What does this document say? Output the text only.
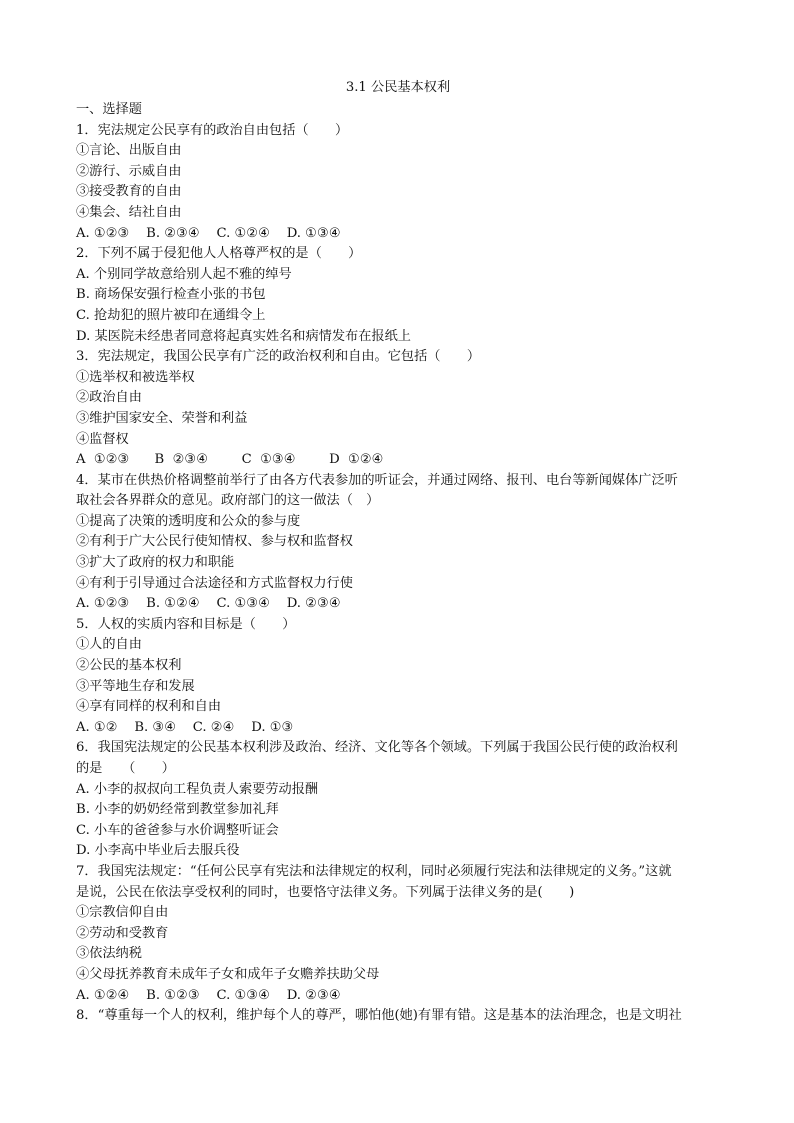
3.1 公民基本权利
一、选择题
1．宪法规定公民享有的政治自由包括（　　）
①言论、出版自由
②游行、示威自由
③接受教育的自由
④集会、结社自由
A. ①②③    B. ②③④    C. ①②④    D. ①③④
2．下列不属于侵犯他人人格尊严权的是（　　）
A. 个别同学故意给别人起不雅的绰号
B. 商场保安强行检查小张的书包
C. 抢劫犯的照片被印在通缉令上
D. 某医院未经患者同意将起真实姓名和病情发布在报纸上
3．宪法规定，我国公民享有广泛的政治权利和自由。它包括（　　）
①选举权和被选举权
②政治自由
③维护国家安全、荣誉和利益
④监督权
A  ①②③      B  ②③④        C  ①③④        D  ①②④
4．某市在供热价格调整前举行了由各方代表参加的听证会，并通过网络、报刊、电台等新闻媒体广泛听
取社会各界群众的意见。政府部门的这一做法（　）
①提高了决策的透明度和公众的参与度
②有利于广大公民行使知情权、参与权和监督权
③扩大了政府的权力和职能
④有利于引导通过合法途径和方式监督权力行使
A. ①②③    B. ①②④    C. ①③④    D. ②③④
5．人权的实质内容和目标是（　　）
①人的自由
②公民的基本权利
③平等地生存和发展
④享有同样的权利和自由
A. ①②    B. ③④    C. ②④    D. ①③
6．我国宪法规定的公民基本权利涉及政治、经济、文化等各个领域。下列属于我国公民行使的政治权利
的是　　（　　）
A. 小李的叔叔向工程负责人索要劳动报酬
B. 小李的奶奶经常到教堂参加礼拜
C. 小车的爸爸参与水价调整听证会
D. 小李高中毕业后去服兵役
7．我国宪法规定：“任何公民享有宪法和法律规定的权利，同时必须履行宪法和法律规定的义务。”这就
是说，公民在依法享受权利的同时，也要恪守法律义务。下列属于法律义务的是(　　)
①宗教信仰自由
②劳动和受教育
③依法纳税
④父母抚养教育未成年子女和成年子女赡养扶助父母
A. ①②④    B. ①②③    C. ①③④    D. ②③④
8．“尊重每一个人的权利，维护每个人的尊严，哪怕他(她)有罪有错。这是基本的法治理念，也是文明社
